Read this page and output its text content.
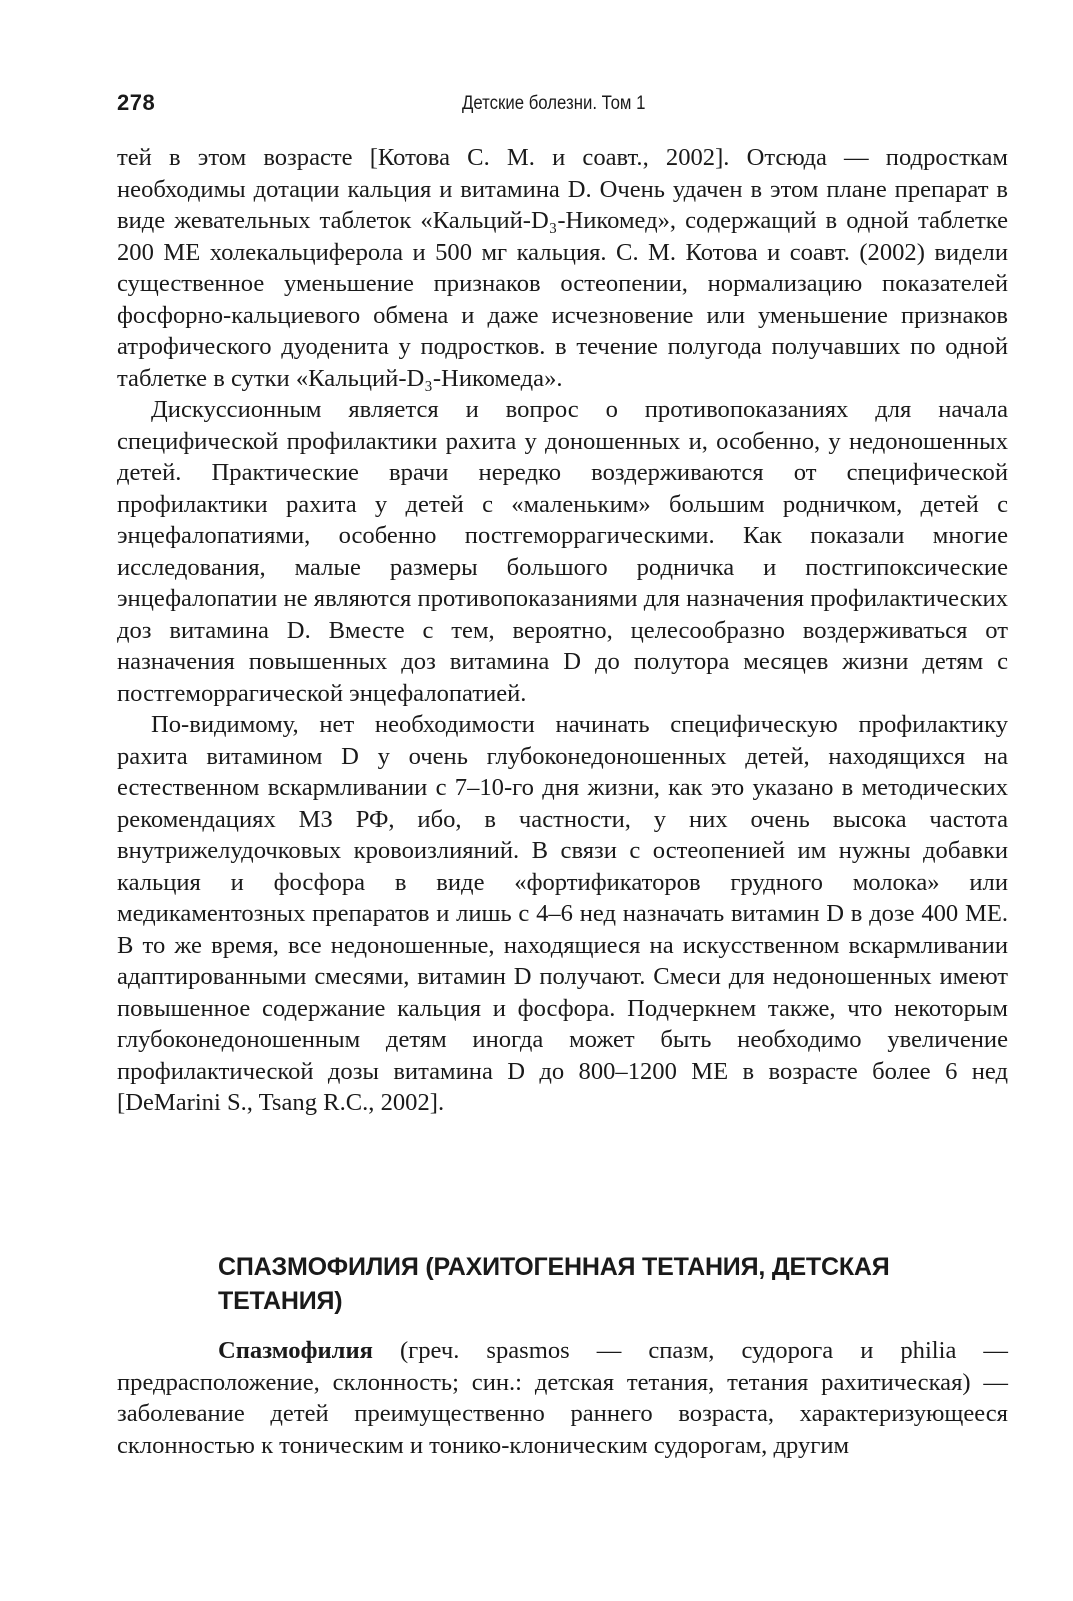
278	Детские болезни. Том 1

тей в этом возрасте [Котова С. М. и соавт., 2002]. Отсюда — подросткам необходимы дотации кальция и витамина D. Очень удачен в этом плане препарат в виде жевательных таблеток «Кальций-D₃-Никомед», содержащий в одной таблетке 200 МЕ холекальциферола и 500 мг кальция. С. М. Котова и соавт. (2002) видели существенное уменьшение признаков остеопении, нормализацию показателей фосфорно-кальциевого обмена и даже исчезновение или уменьшение признаков атрофического дуоденита у подростков. в течение полугода получавших по одной таблетке в сутки «Кальций-D₃-Никомеда».

Дискуссионным является и вопрос о противопоказаниях для начала специфической профилактики рахита у доношенных и, особенно, у недоношенных детей. Практические врачи нередко воздерживаются от специфической профилактики рахита у детей с «маленьким» большим родничком, детей с энцефалопатиями, особенно постгеморрагическими. Как показали многие исследования, малые размеры большого родничка и постгипоксические энцефалопатии не являются противопоказаниями для назначения профилактических доз витамина D. Вместе с тем, вероятно, целесообразно воздерживаться от назначения повышенных доз витамина D до полутора месяцев жизни детям с постгеморрагической энцефалопатией.

По-видимому, нет необходимости начинать специфическую профилактику рахита витамином D у очень глубоконедоношенных детей, находящихся на естественном вскармливании с 7–10-го дня жизни, как это указано в методических рекомендациях МЗ РФ, ибо, в частности, у них очень высока частота внутрижелудочковых кровоизлияний. В связи с остеопенией им нужны добавки кальция и фосфора в виде «фортификаторов грудного молока» или медикаментозных препаратов и лишь с 4–6 нед назначать витамин D в дозе 400 МЕ. В то же время, все недоношенные, находящиеся на искусственном вскармливании адаптированными смесями, витамин D получают. Смеси для недоношенных имеют повышенное содержание кальция и фосфора. Подчеркнем также, что некоторым глубоконедоношенным детям иногда может быть необходимо увеличение профилактической дозы витамина D до 800–1200 МЕ в возрасте более 6 нед [DeMarini S., Tsang R.C., 2002].

СПАЗМОФИЛИЯ (РАХИТОГЕННАЯ ТЕТАНИЯ, ДЕТСКАЯ
ТЕТАНИЯ)

Спазмофилия (греч. spasmos — спазм, судорога и philia — предрасположение, склонность; син.: детская тетания, тетания рахитическая) — заболевание детей преимущественно раннего возраста, характеризующееся склонностью к тоническим и тонико-клоническим судорогам, другим
